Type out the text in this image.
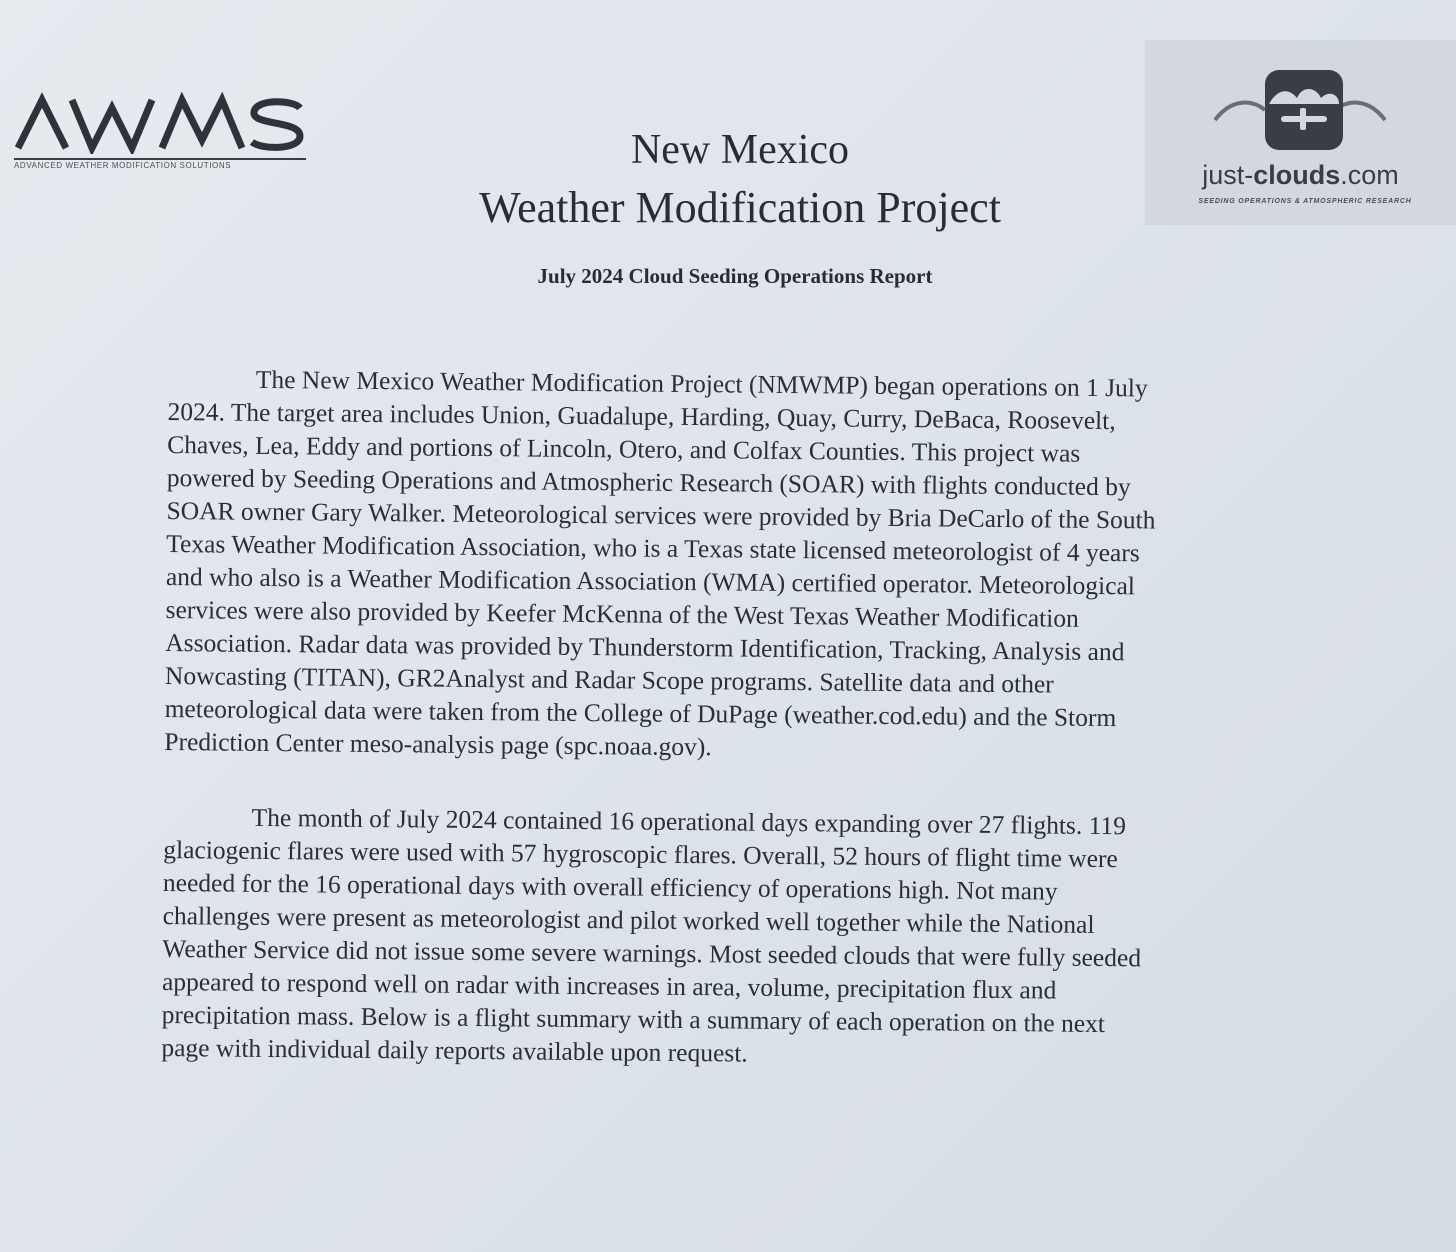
ADVANCED WEATHER MODIFICATION SOLUTIONS	just-clouds.com
SEEDING OPERATIONS & ATMOSPHERIC RESEARCH
New Mexico
Weather Modification Project
July 2024 Cloud Seeding Operations Report
The New Mexico Weather Modification Project (NMWMP) began operations on 1 July
2024. The target area includes Union, Guadalupe, Harding, Quay, Curry, DeBaca, Roosevelt,
Chaves, Lea, Eddy and portions of Lincoln, Otero, and Colfax Counties. This project was
powered by Seeding Operations and Atmospheric Research (SOAR) with flights conducted by
SOAR owner Gary Walker. Meteorological services were provided by Bria DeCarlo of the South
Texas Weather Modification Association, who is a Texas state licensed meteorologist of 4 years
and who also is a Weather Modification Association (WMA) certified operator. Meteorological
services were also provided by Keefer McKenna of the West Texas Weather Modification
Association. Radar data was provided by Thunderstorm Identification, Tracking, Analysis and
Nowcasting (TITAN), GR2Analyst and Radar Scope programs. Satellite data and other
meteorological data were taken from the College of DuPage (weather.cod.edu) and the Storm
Prediction Center meso-analysis page (spc.noaa.gov).
The month of July 2024 contained 16 operational days expanding over 27 flights. 119
glaciogenic flares were used with 57 hygroscopic flares. Overall, 52 hours of flight time were
needed for the 16 operational days with overall efficiency of operations high. Not many
challenges were present as meteorologist and pilot worked well together while the National
Weather Service did not issue some severe warnings. Most seeded clouds that were fully seeded
appeared to respond well on radar with increases in area, volume, precipitation flux and
precipitation mass. Below is a flight summary with a summary of each operation on the next
page with individual daily reports available upon request.
